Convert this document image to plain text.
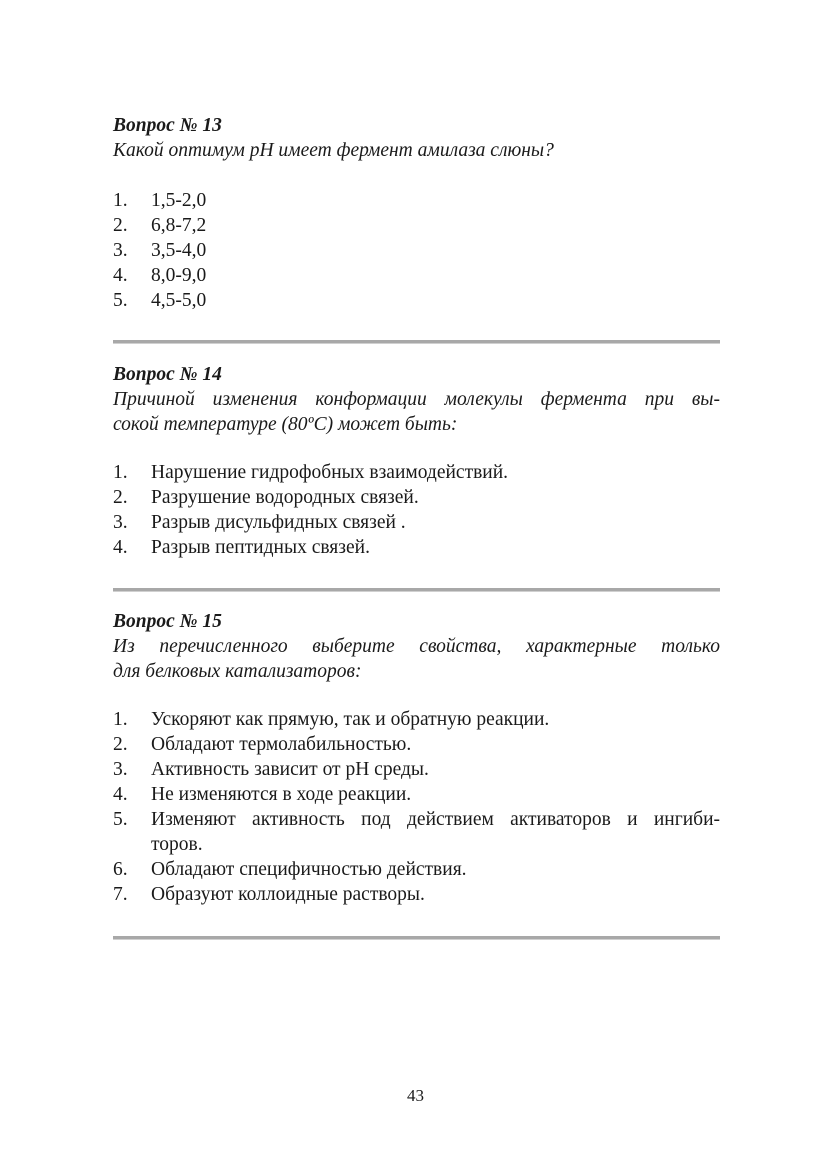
Вопрос № 13

Какой оптимум рН имеет фермент амилаза слюны?

1. 1,5-2,0
2. 6,8-7,2
3. 3,5-4,0
4. 8,0-9,0
5. 4,5-5,0

Вопрос № 14

Причиной изменения конформации молекулы фермента при вы-

сокой температуре (80ºС) может быть:

1. Нарушение гидрофобных взаимодействий.
2. Разрушение водородных связей.
3. Разрыв дисульфидных связей .
4. Разрыв пептидных связей.

Вопрос № 15

Из перечисленного выберите свойства, характерные только

для белковых катализаторов:

1. Ускоряют как прямую, так и обратную реакции.
2. Обладают термолабильностью.
3. Активность зависит от рН среды.
4. Не изменяются в ходе реакции.
5. Изменяют активность под действием активаторов и ингиби-
торов.
6. Обладают специфичностью действия.
7. Образуют коллоидные растворы.
43
